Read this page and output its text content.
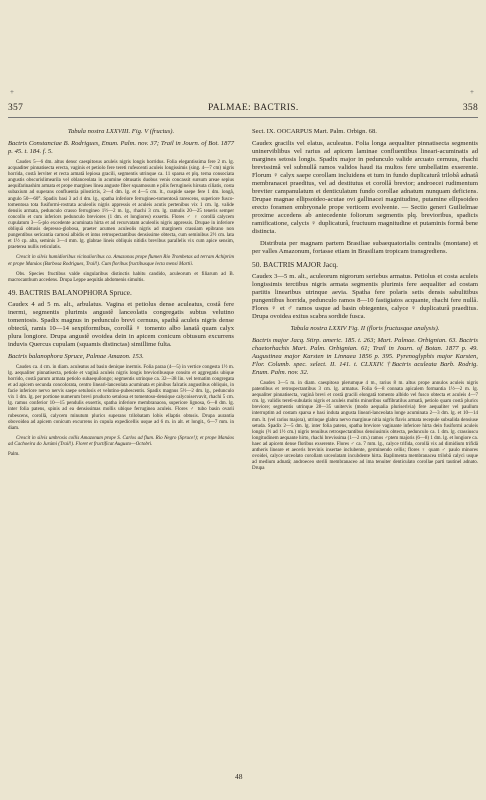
+	+
357	PALMAE: BACTRIS.	358

Tabula nostra LXXVIII. Fig. V (fructus).

Bactris Constanciae B. Rodrigues, Enum. Palm. nov. 37; Trail in Journ. of Bot. 1877 p. 45. t. 184. f. 5.

Caudex 5—6 dm. altus densc caespitosus aculeis nigris longis horridus. Folia elegantissima fere 2 m. lg. acquaditer pinnatisecta erecta, vaginis et petiolo fere tereti rufescenti aculeis longissimis (sing. 4—7 cm) nigris horrida, costâ lerviter et recta armatâ lepiosa gracili, segmentis utrinque ca. 11 sparsa et plq. terna consociata angustis obscurislimearila vel oblanceolata in acumine obtusatis duobus venis concassit sursum areae sepius aequifarinashim armata et prope margines linea anguste fiber squamosum e pilis ferrugineis hirsuta ciliatis, costa subaxium ad superans confluentia pilostictis, 2—4 dm. lg. et 4—5 cm. lt., cuspide saepe fere 1 dm. longâ, angulo 50—60°. Spadix basi 3 ad 4 dm. lg., spatha inferiore ferrugineo-tomentosâ rarescens, superiore fusco-tomentosa tota fusiformi-rostrata aculeolis nigris appressis et aculeis acutis pertenibus vix 1 cm. lg. valide densiis armata, pedunculo crasso ferrugineo 1½—2 m. lg., rhachi 3 cm. lg. ramulis 20—25 teneris semper concollo et cum inferiors pedunculo breviores (1 dm. et longiores) exsertis. Flores ♂ ♀ corollâ calycem cupulatum 3—5-plo excedente acuminata hirta et ad recurvatam aculeolis nigris appressis. Drupae in inferiore obliquâ obtusis depresso-globosa, praeter acumen aculeolis nigris ad marginem crassiam epibrano non pungentibus sericantia carnosi albidis et intus retrospectantibus densissime obtecta, cum seminibus 2½ cm. lata et 1½ cp. alta, seminis 3—4 mm. lg. glabrae lineis obliquis nitidis brevibus parallelis vix cum apice sensim, praeterea nullis reticulatis.

Crescit in silvis humidioribus vicinalioribus ca. Amazonas prope flumen Rio Trombetas ad terram Achiprim et prope Manáos (Barbosa Rodrigues, Trail!). Cum floribus fructibusque lecta mensi Martii.

Obs. Species fructibus valde singularibus distinctis habitu candido, aculeorum et filiarum ad B. macrocanthum accedens. Drupa Leppe aequitâs abdomenis simultis.

49. BACTRIS BALANOPHORA Spruce.

Caudex 4 ad 5 m. alt., arbulatus. Vagina et petiolus dense aculeatus, costâ fere inermi, segmentis plurimis angustê lanceolatis congregatis subtus velutino tomentosis. Spadix magnus in pedunculo brevi cernuus, spathâ aculeis nigris dense obtectâ, ramis 10—14 sexpiformibus, corollâ ♀ tomento albo lanatâ quam calyx plura longiore. Drupa angustê ovoidea dein in apicem conicum obtusum excurrens induvis Quercus cupulam (squamis distinctas) simillime fulta.

Bactris balanophora Spruce, Palmae Amazon. 153.

Caudex ca. 4 cm. in diam. aculeatus ad basin denique inermis. Folia paraa (4—5) in vertice congesta 1½ m. lg. aequaliter pinnatisecta, petiole et vaginâ aculeis nigris longis brevioribusque consito et aggregatis ubique horrido, costâ parum armata petiolo subaequilongo; segmentis utrinque ca. 32—38 lin. vel ternatim congregata et ad apicem secunda concolorata, centro lineari-lanceolata acuminata et pinibus falcatis angustibus obliquis, in facie inferiore nervo nervis saepe setulosis et velutino-pubescentis. Spadix magnus 5½—2 dm. lg., pedunculo vix 1 dm. lg. per portione numerum brevi pruducto setulosa et tomentoso-densique calycoiservavit, rhachi 5 cm. lg. ramus conferior 10—15 pendulis exsertis, spatha inferiore membranacea, superiore lignosa, 6—8 dm. lg. inter folia patens, spinis ad ea densissimas mollis ubique ferruginea aculeis. Flores ♂ tubo basin ovarii rubescens, corollâ, calycem minutum plurics superans trilobatam lobis ellaptis obtusis. Drupa aurantia obovoidea ad apicem conicum excurrens in cupula expedicellis usque ad 6 m. in alt. et longit., 6—7 mm. in diam.

Crescit in silvis umbrosis collis Amazonum prope S. Carlos ad flum. Rio Negro (Spruce!); et prope Manáos ad Cachoeira do Jurúmi (Trail!). Floret et fructificat Augusto—Octobri.

Palm.

Sect. IX. OOCARPUS Mart. Palm. Orbign. 68.

Caudex gracilis vel elatus, aculeatus. Folia longa aequaliter pinnatisecta segmentis uninerviblibus vel rarius ad apicem laminae confluentibus lineari-acuminatis ad margines setosis longis. Spadix major in pedunculo valide arcuato cernuus, rhachi brevissimâ vel subnullâ ramos validos haud ita multos fere umbellatim exserente. Florum ♀ calyx saepe corollam incluidens et tum in fundo duplicaturâ trilobâ adnatâ membranacei praeditus, vel ad destitutus et corollâ brevior; androecei rudimentum breviter campanulatum et denticulatum fundo corollae adnatum nunquam deficiens. Drupae magnae ellipsoideo-acutae ovi gallinacei magnitudine, putamine ellipsoideo erecto foramen embryonale prope verticem evolvente. — Sectio generi Guilielmae proxime accedens ab antecedente foliorum segmentis plq. brevioribus, spadicis ramificatione, calycis ♀ duplicaturâ, fructuum magnitudine et putaminis formâ bene distincta.

Distributa per magnam partem Brasiliae subaequatorialis centralis (montane) et per valles Amazonum, fortasse etiam in Brasiliam tropicam transgrediens.

50. BACTRIS MAJOR Jacq.

Caudex 3—5 m. alt., aculeorum nigrorum seriebus armatus. Petiolus et costa aculeis longissimis terctibus nigris armata segmentis plurimis fere aequaliter ad costam partitis linearibus utrinque aevia. Spatha fere polaris setis densis sabulitibus pungentibus horrida, pedunculo ramos 8—10 fastigiatos acquante, rhachi fere nullâ. Flores ♀ et ♂ ramos usque ad basin obtegentes, calyce ♀ duplicaturâ praeditus. Drupa ovoidea exitus scabra sordide fusca.

Tabula nostra LXXIV Fig. II (floris fructusque analysis).

Bactris major Jacq. Stirp. americ. 185. t. 263; Mart. Palmae. Orbignian. 63. Bactris chaetorhachis Mart. Palm. Orbignian. 61; Trail in Journ. of Botan. 1877 p. 49. Augustinea major Karsten in Linnaea 1856 p. 395. Pyrenoglyphis major Karsten, Flor. Columb. spec. select. II. 141. t. CLXXIV. †Bactris aculeata Barb. Rodrig. Enum. Palm. nov. 32.

Caudex 3—5 m. in diam. caespitoso plerumque 4 m., rarius 8 m. altus prope annulos aculeis nigris patentibus et retrospectantibus 3 cm. lg. armatus. Folia 6—8 connata apicalem formantia 1½—2 m. lg. aequaliter pinnatisecta, vaginâ brevi et costâ gracili elongatâ tomento albido vel fusco obtecta et aculeis 4—7 cm. lg. validis tereti-subulatis nigris et aculeis multis minoribus suffibratilus armatâ, petiolo quam costâ plurics breviore; segmentis utrinque 28—35 unitervis (modo aequalia pluriserivia) fere aequaliter vel paullum interruptim ad costam sparsa e basi induta angusta lineari-lanceolata longe acuminata 2—3 dm. lg. et 10—14 mm. lt. (vel rarius majora), utrinque glabra nervo marginue nitia nigris flavis armata recepule subsalida densiuse setuda. Spadix 2—5 dm. lg. inter folia patens, spatha breviore vaginante inferiore hirta dein fusiformi aculeis longis (½ ad 1½ cm.) nigris tenuibus retrospectantibus densiusimis obtecta, pedunculo ca. 1 dm. lg. crassiuscu longitudinem aequante hirto, rhachi brevissima (1—2 cm.) ramos ♂ptem majoris (6—8) 1 dm. lg. et longiore ca. haec ad apicem dense floribus exserente. Flores ♂ ca. 7 mm. lg., calyce trifida, corollâ vix ad dimidium trifidâ antheris lineare et aeceris brevinis insertae inclubente, germinendo cellis; flores ♀ quam ♂ paulo minores ovoidei, calyce urceolato corollam urceolatam incubdente hirta. Baplimenta membranacea trilobâ calyci usque ad medium adnatâ; androeceo sterili membranaceo ad ima tenuiter denticulato corollae parti tautinel adnato. Drupa

48
